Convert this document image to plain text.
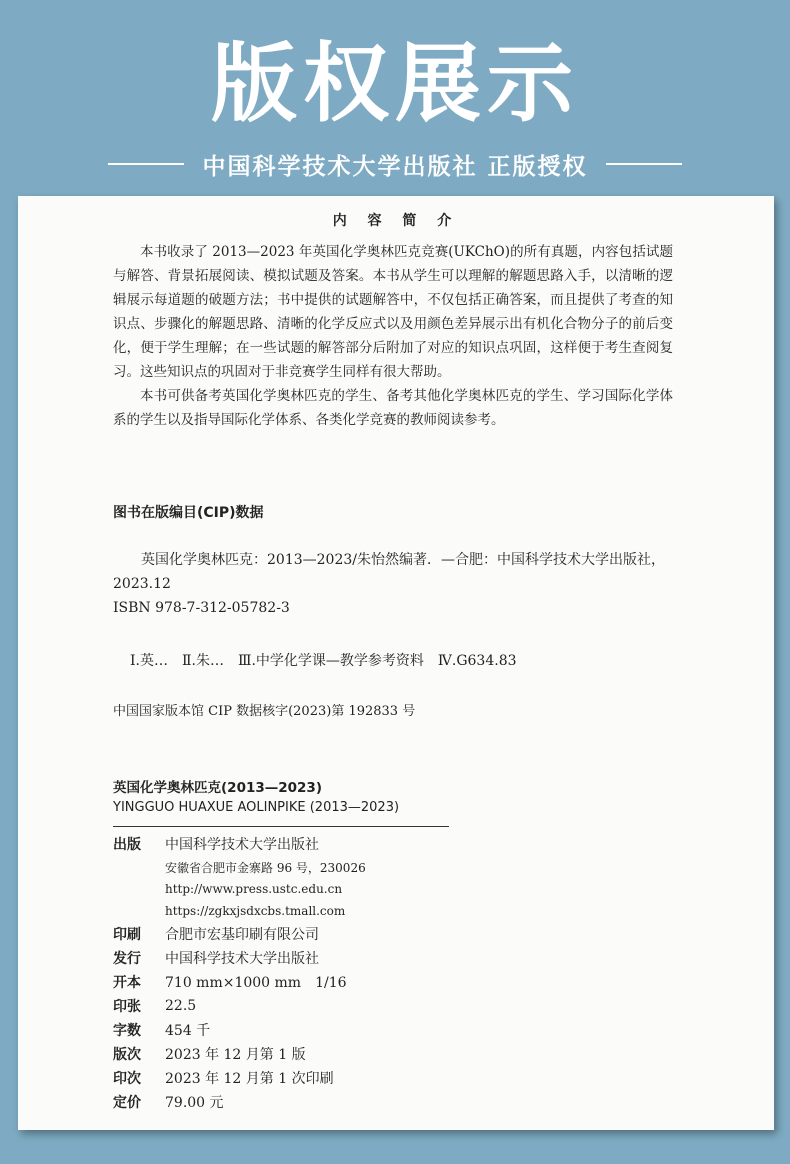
版权展示
中国科学技术大学出版社 正版授权
内 容 简 介

本书收录了 2013—2023 年英国化学奥林匹克竞赛(UKChO)的所有真题，内容包括试题与解答、背景拓展阅读、模拟试题及答案。本书从学生可以理解的解题思路入手，以清晰的逻辑展示每道题的破题方法；书中提供的试题解答中，不仅包括正确答案，而且提供了考查的知识点、步骤化的解题思路、清晰的化学反应式以及用颜色差异展示出有机化合物分子的前后变化，便于学生理解；在一些试题的解答部分后附加了对应的知识点巩固，这样便于考生查阅复习。这些知识点的巩固对于非竞赛学生同样有很大帮助。

本书可供备考英国化学奥林匹克的学生、备考其他化学奥林匹克的学生、学习国际化学体系的学生以及指导国际化学体系、各类化学竞赛的教师阅读参考。

图书在版编目(CIP)数据
英国化学奥林匹克：2013—2023/朱怡然编著．—合肥：中国科学技术大学出版社，2023.12
ISBN 978-7-312-05782-3
Ⅰ.英…　Ⅱ.朱…　Ⅲ.中学化学课—教学参考资料　Ⅳ.G634.83
中国国家版本馆 CIP 数据核字(2023)第 192833 号
英国化学奥林匹克(2013—2023)
YINGGUO HUAXUE AOLINPIKE (2013—2023)
出版	中国科学技术大学出版社
安徽省合肥市金寨路 96 号，230026
http://www.press.ustc.edu.cn
https://zgkxjsdxcbs.tmall.com
印刷	合肥市宏基印刷有限公司
发行	中国科学技术大学出版社
开本	710 mm×1000 mm　1/16
印张	22.5
字数	454 千
版次	2023 年 12 月第 1 版
印次	2023 年 12 月第 1 次印刷
定价	79.00 元
